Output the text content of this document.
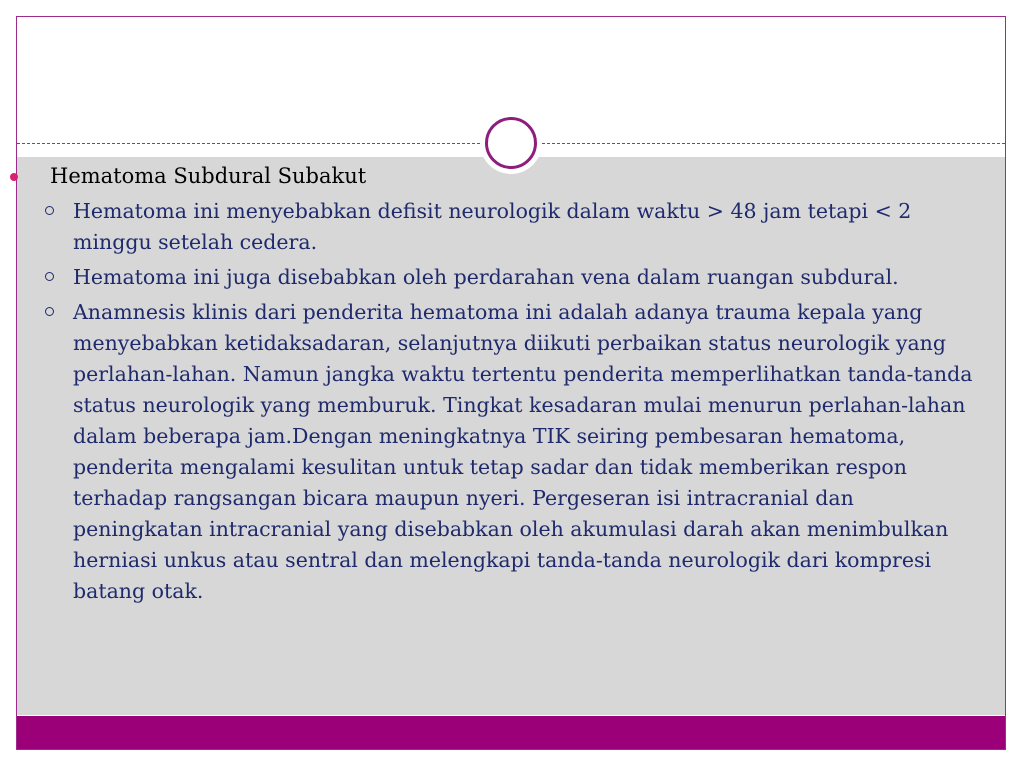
Hematoma Subdural Subakut
Hematoma ini menyebabkan defisit neurologik dalam waktu > 48 jam tetapi < 2 minggu setelah cedera.
Hematoma ini juga disebabkan oleh perdarahan vena dalam ruangan subdural.
Anamnesis klinis dari penderita hematoma ini adalah adanya trauma kepala yang menyebabkan ketidaksadaran, selanjutnya diikuti perbaikan status neurologik yang perlahan-lahan. Namun jangka waktu tertentu penderita memperlihatkan tanda-tanda status neurologik yang memburuk. Tingkat kesadaran mulai menurun perlahan-lahan dalam beberapa jam.Dengan meningkatnya TIK seiring pembesaran hematoma, penderita mengalami kesulitan untuk tetap sadar dan tidak memberikan respon terhadap rangsangan bicara maupun nyeri. Pergeseran isi intracranial dan peningkatan intracranial yang disebabkan oleh akumulasi darah akan menimbulkan herniasi unkus atau sentral dan melengkapi tanda-tanda neurologik dari kompresi batang otak.
